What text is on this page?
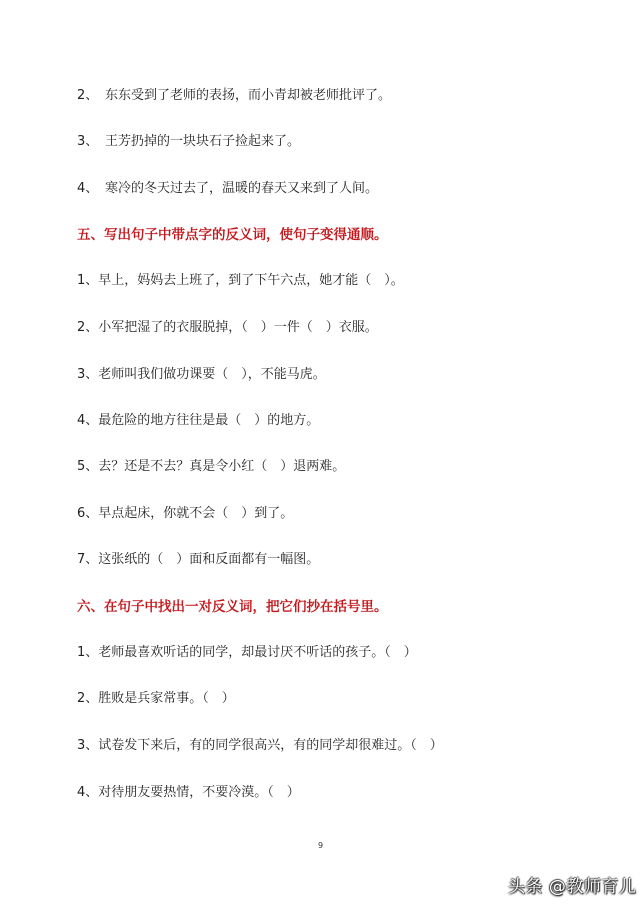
2、 东东受到了老师的表扬，而小青却被老师批评了。
3、 王芳扔掉的一块块石子捡起来了。
4、 寒冷的冬天过去了，温暖的春天又来到了人间。
五、写出句子中带点字的反义词，使句子变得通顺。
1、早上，妈妈去上班了，到了下午六点，她才能（　）。
2、小军把湿了的衣服脱掉，（　）一件（　）衣服。
3、老师叫我们做功课要（　），不能马虎。
4、最危险的地方往往是最（　）的地方。
5、去？还是不去？真是令小红（　）退两难。
6、早点起床，你就不会（　）到了。
7、这张纸的（　）面和反面都有一幅图。
六、在句子中找出一对反义词，把它们抄在括号里。
1、老师最喜欢听话的同学，却最讨厌不听话的孩子。（　）
2、胜败是兵家常事。（　）
3、试卷发下来后，有的同学很高兴，有的同学却很难过。（　）
4、对待朋友要热情，不要冷漠。（　）
9
头条 @教师育儿
